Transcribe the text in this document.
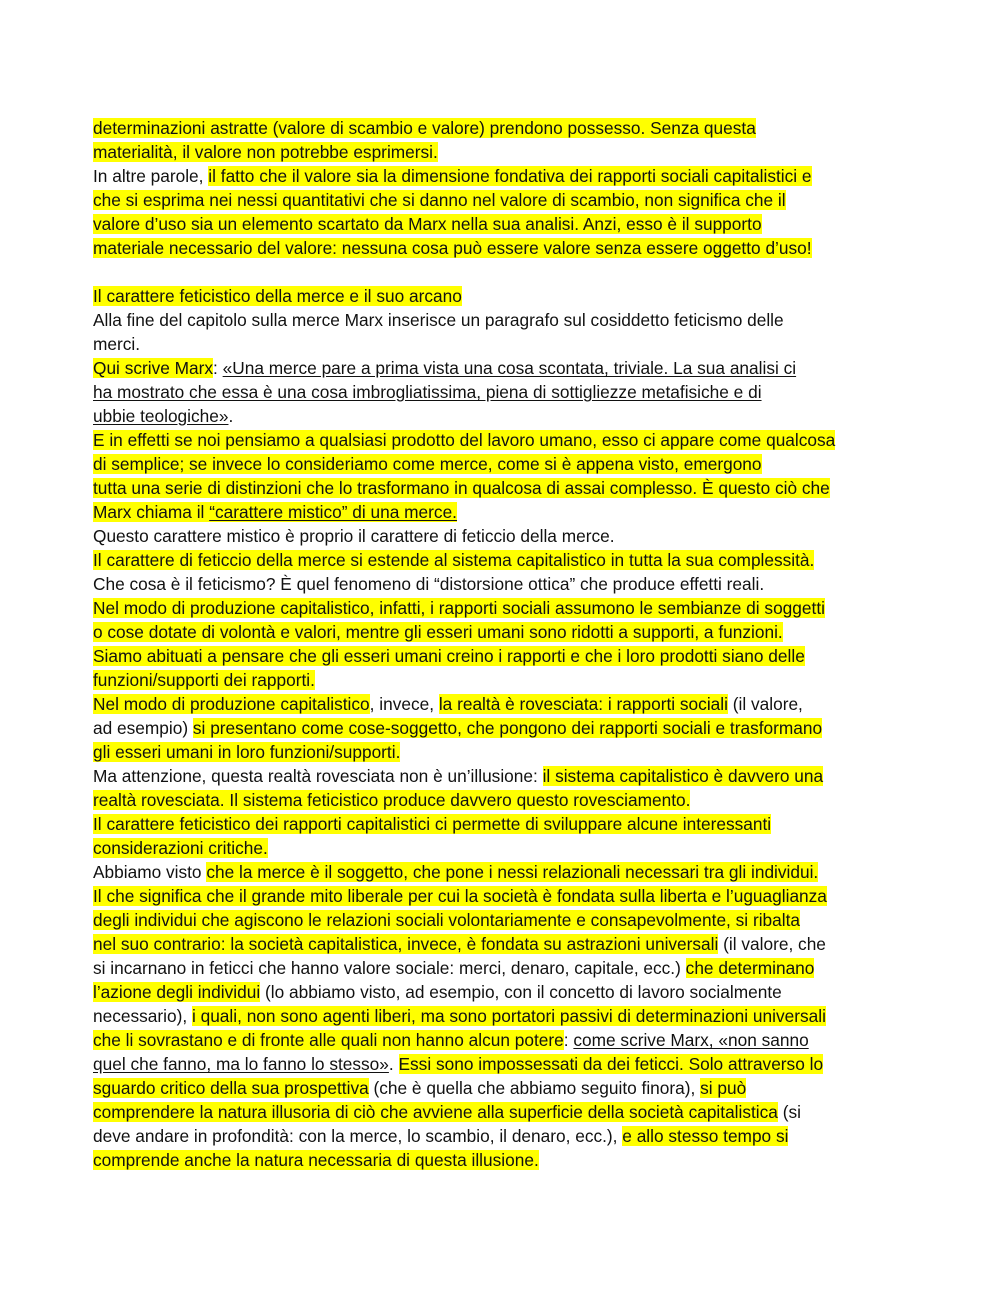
determinazioni astratte (valore di scambio e valore) prendono possesso. Senza questa
materialità, il valore non potrebbe esprimersi.
In altre parole, il fatto che il valore sia la dimensione fondativa dei rapporti sociali capitalistici e
che si esprima nei nessi quantitativi che si danno nel valore di scambio, non significa che il
valore d’uso sia un elemento scartato da Marx nella sua analisi. Anzi, esso è il supporto
materiale necessario del valore: nessuna cosa può essere valore senza essere oggetto d’uso!
Il carattere feticistico della merce e il suo arcano
Alla fine del capitolo sulla merce Marx inserisce un paragrafo sul cosiddetto feticismo delle
merci.
Qui scrive Marx: «Una merce pare a prima vista una cosa scontata, triviale. La sua analisi ci
ha mostrato che essa è una cosa imbrogliatissima, piena di sottigliezze metafisiche e di
ubbie teologiche».
E in effetti se noi pensiamo a qualsiasi prodotto del lavoro umano, esso ci appare come qualcosa
di semplice; se invece lo consideriamo come merce, come si è appena visto, emergono
tutta una serie di distinzioni che lo trasformano in qualcosa di assai complesso. È questo ciò che
Marx chiama il “carattere mistico” di una merce.
Questo carattere mistico è proprio il carattere di feticcio della merce.
Il carattere di feticcio della merce si estende al sistema capitalistico in tutta la sua complessità.
Che cosa è il feticismo? È quel fenomeno di “distorsione ottica” che produce effetti reali.
Nel modo di produzione capitalistico, infatti, i rapporti sociali assumono le sembianze di soggetti
o cose dotate di volontà e valori, mentre gli esseri umani sono ridotti a supporti, a funzioni.
Siamo abituati a pensare che gli esseri umani creino i rapporti e che i loro prodotti siano delle
funzioni/supporti dei rapporti.
Nel modo di produzione capitalistico, invece, la realtà è rovesciata: i rapporti sociali (il valore,
ad esempio) si presentano come cose-soggetto, che pongono dei rapporti sociali e trasformano
gli esseri umani in loro funzioni/supporti.
Ma attenzione, questa realtà rovesciata non è un’illusione: il sistema capitalistico è davvero una
realtà rovesciata. Il sistema feticistico produce davvero questo rovesciamento.
Il carattere feticistico dei rapporti capitalistici ci permette di sviluppare alcune interessanti
considerazioni critiche.
Abbiamo visto che la merce è il soggetto, che pone i nessi relazionali necessari tra gli individui.
Il che significa che il grande mito liberale per cui la società è fondata sulla liberta e l’uguaglianza
degli individui che agiscono le relazioni sociali volontariamente e consapevolmente, si ribalta
nel suo contrario: la società capitalistica, invece, è fondata su astrazioni universali (il valore, che
si incarnano in feticci che hanno valore sociale: merci, denaro, capitale, ecc.) che determinano
l’azione degli individui (lo abbiamo visto, ad esempio, con il concetto di lavoro socialmente
necessario), i quali, non sono agenti liberi, ma sono portatori passivi di determinazioni universali
che li sovrastano e di fronte alle quali non hanno alcun potere: come scrive Marx, «non sanno
quel che fanno, ma lo fanno lo stesso». Essi sono impossessati da dei feticci. Solo attraverso lo
sguardo critico della sua prospettiva (che è quella che abbiamo seguito finora), si può
comprendere la natura illusoria di ciò che avviene alla superficie della società capitalistica (si
deve andare in profondità: con la merce, lo scambio, il denaro, ecc.), e allo stesso tempo si
comprende anche la natura necessaria di questa illusione.
